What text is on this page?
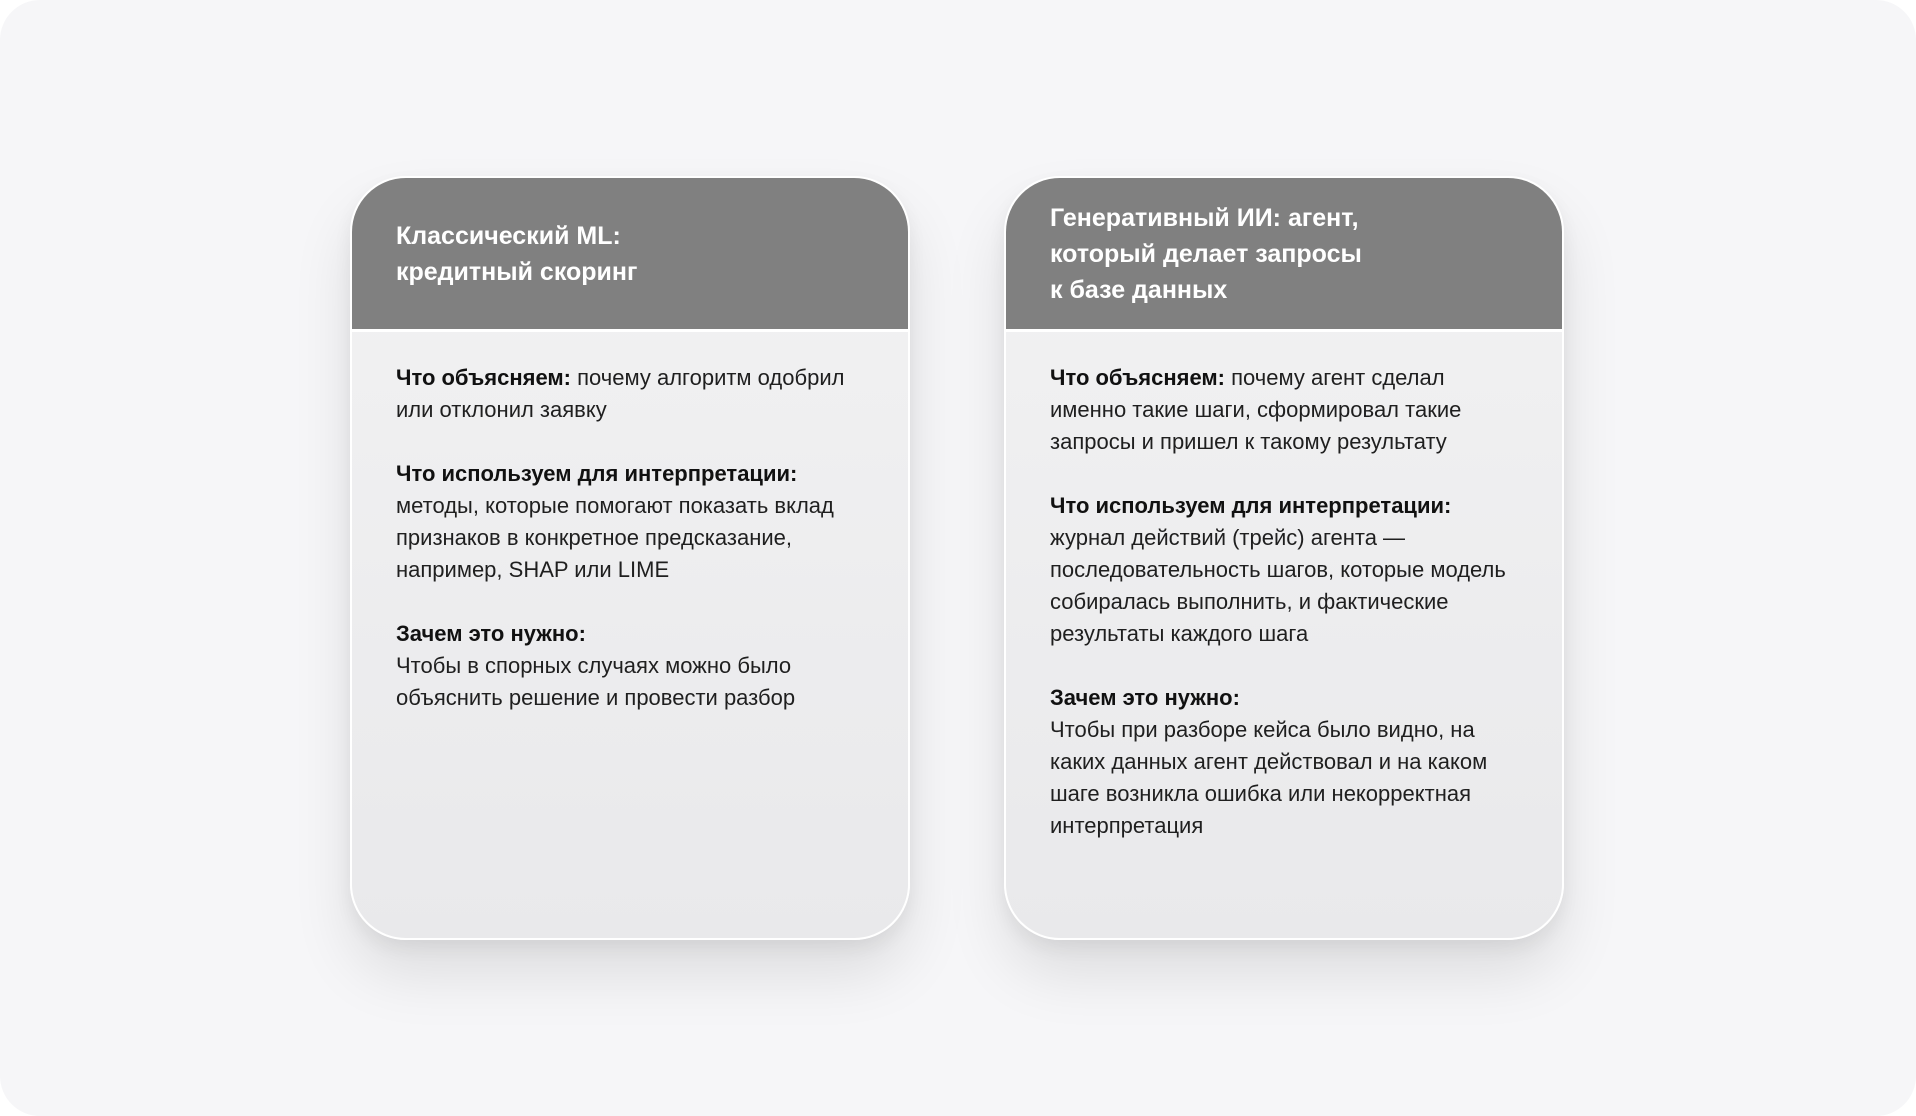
Классический ML:
кредитный скоринг

Что объясняем: почему алгоритм одобрил или отклонил заявку

Что используем для интерпретации:
методы, которые помогают показать вклад признаков в конкретное предсказание, например, SHAP или LIME

Зачем это нужно:
Чтобы в спорных случаях можно было объяснить решение и провести разбор

Генеративный ИИ: агент,
который делает запросы
к базе данных

Что объясняем: почему агент сделал именно такие шаги, сформировал такие запросы и пришел к такому результату

Что используем для интерпретации:
журнал действий (трейс) агента — последовательность шагов, которые модель собиралась выполнить, и фактические результаты каждого шага

Зачем это нужно:
Чтобы при разборе кейса было видно, на каких данных агент действовал и на каком шаге возникла ошибка или некорректная интерпретация
